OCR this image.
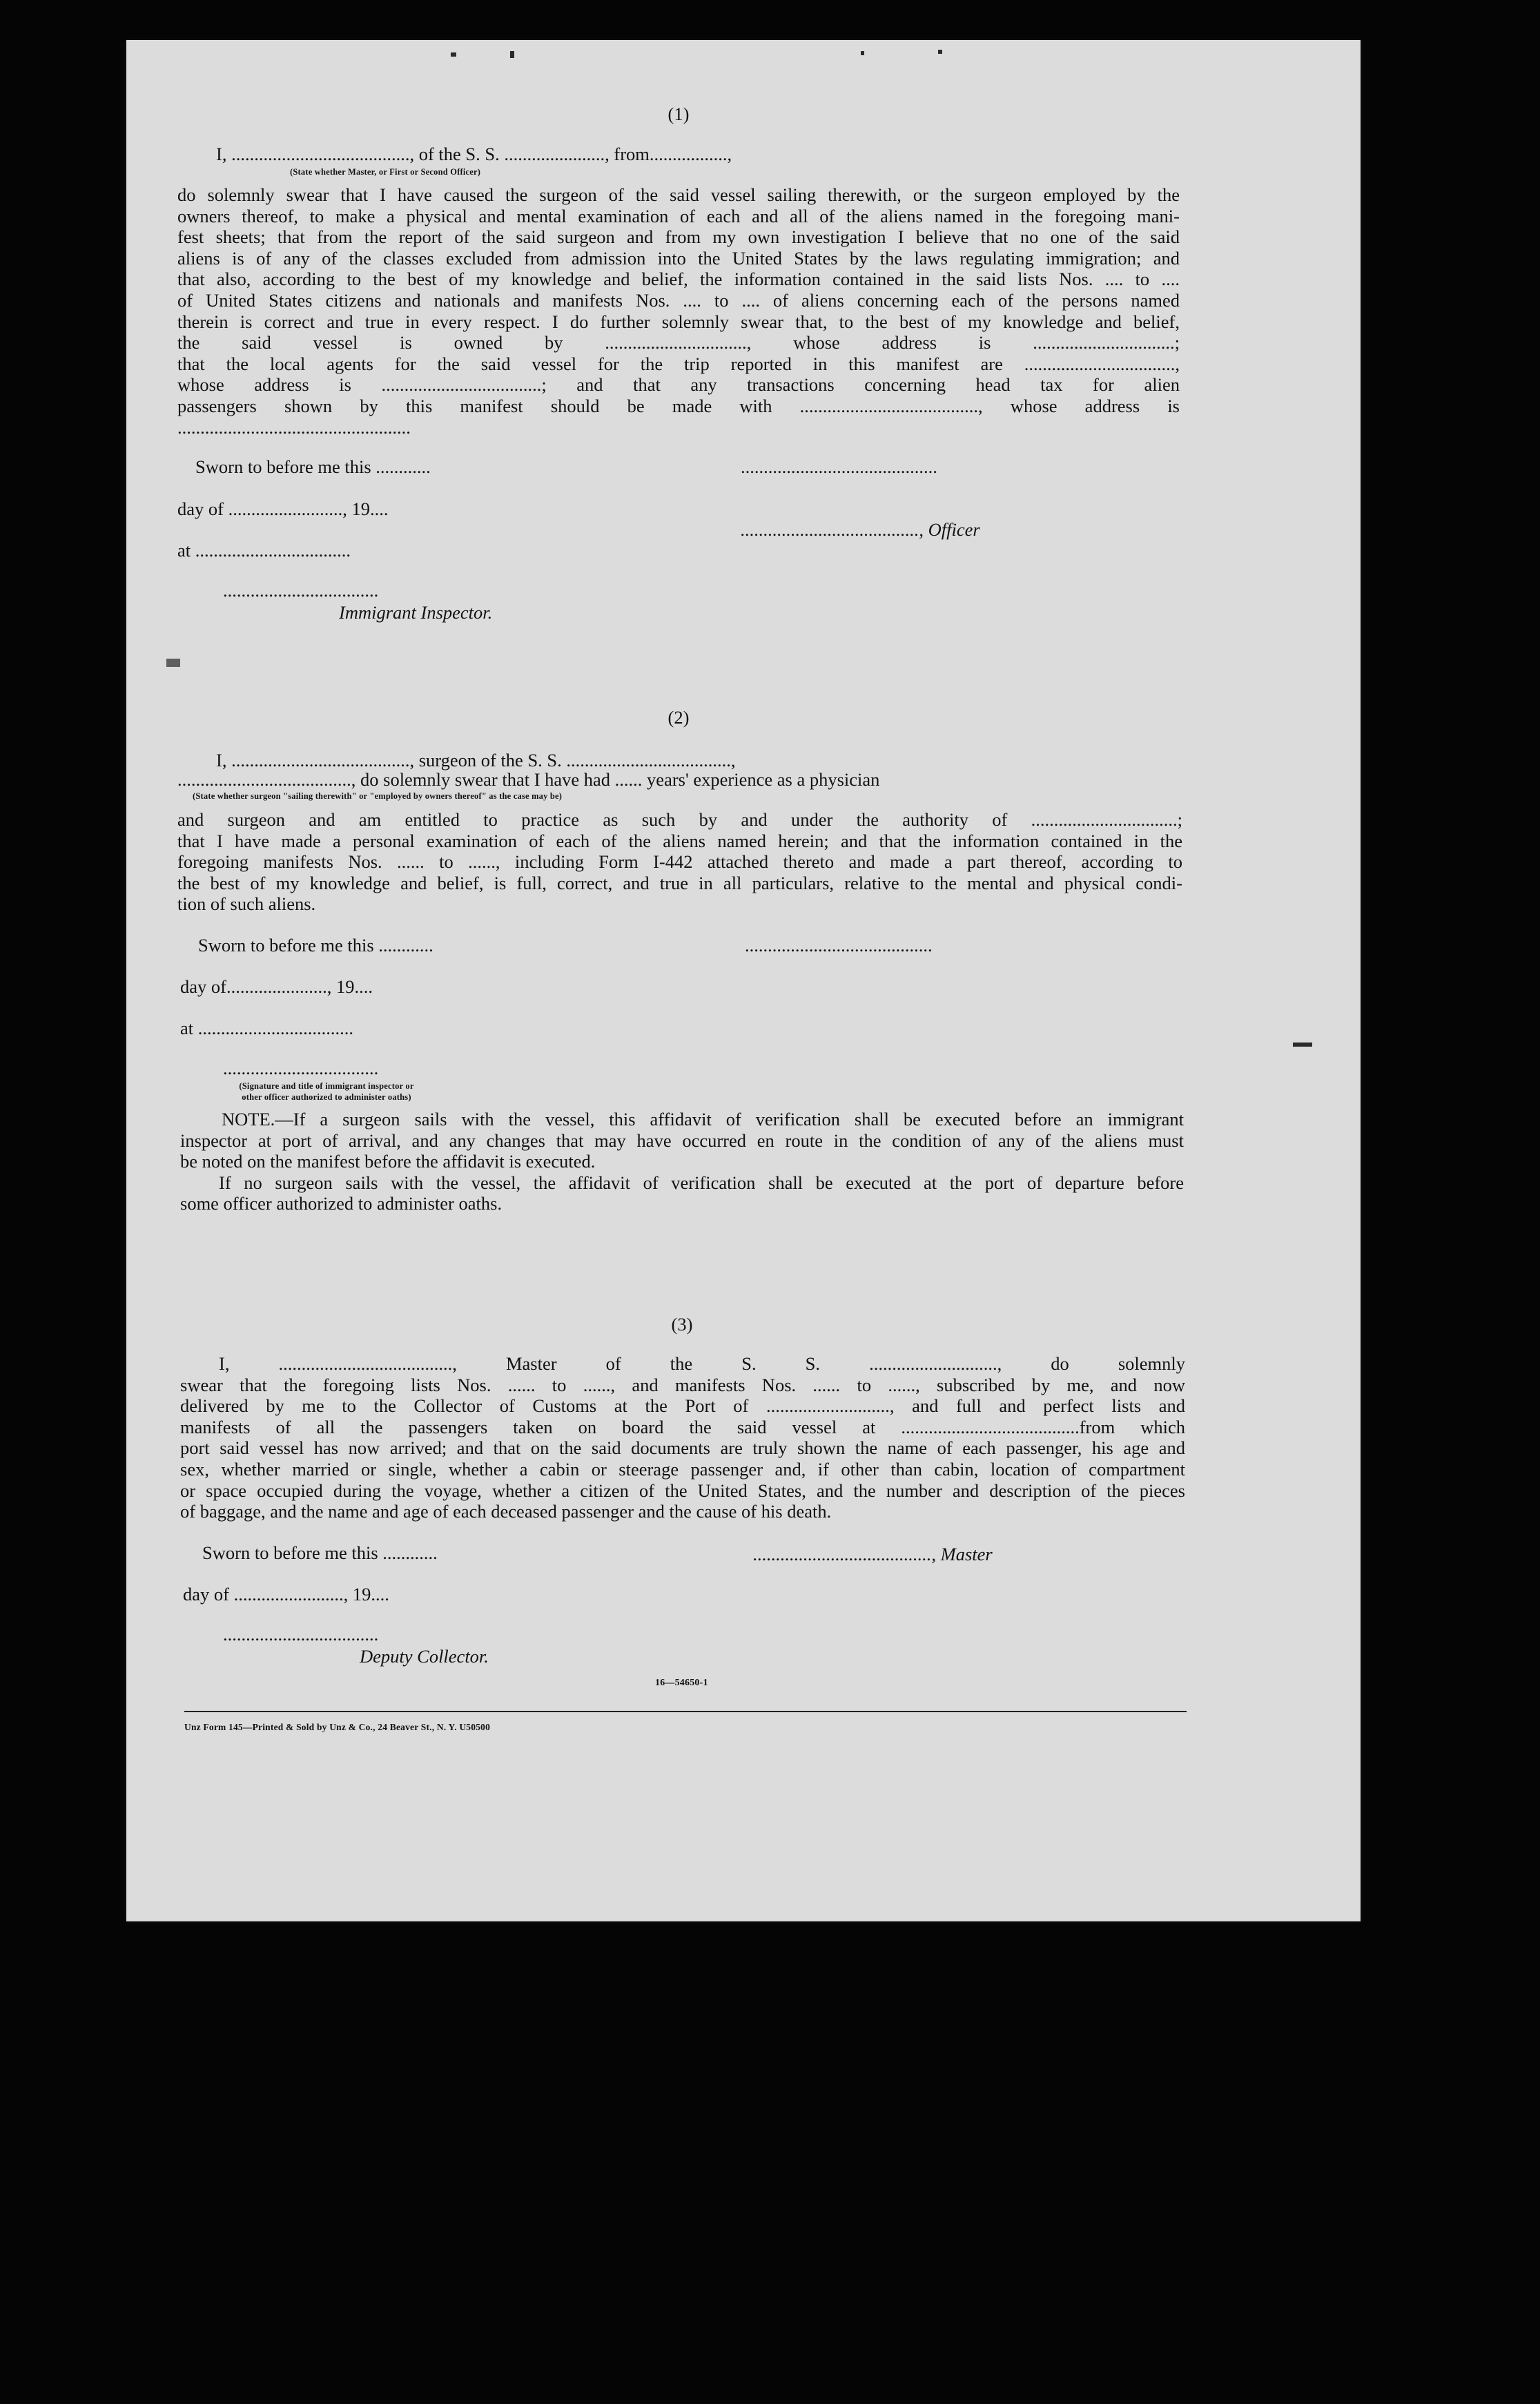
(1)
I, ......................................., of the S. S. ......................, from.................,
(State whether Master, or First or Second Officer)
do solemnly swear that I have caused the surgeon of the said vessel sailing therewith, or the surgeon employed by the
owners thereof, to make a physical and mental examination of each and all of the aliens named in the foregoing mani-
fest sheets; that from the report of the said surgeon and from my own investigation I believe that no one of the said
aliens is of any of the classes excluded from admission into the United States by the laws regulating immigration; and
that also, according to the best of my knowledge and belief, the information contained in the said lists Nos. .... to ....
of United States citizens and nationals and manifests Nos. .... to .... of aliens concerning each of the persons named
therein is correct and true in every respect. I do further solemnly swear that, to the best of my knowledge and belief,
the said vessel is owned by ..............................., whose address is ...............................;
that the local agents for the said vessel for the trip reported in this manifest are .................................,
whose address is ...................................; and that any transactions concerning head tax for alien
passengers shown by this manifest should be made with ......................................., whose address is
...................................................
Sworn to before me this ............	...........................................
day of ........................., 19....
......................................., Officer
at ..................................
..................................
Immigrant Inspector.
(2)
I, ......................................., surgeon of the S. S. ....................................,
......................................, do solemnly swear that I have had ...... years' experience as a physician
(State whether surgeon "sailing therewith" or "employed by owners thereof" as the case may be)
and surgeon and am entitled to practice as such by and under the authority of ................................;
that I have made a personal examination of each of the aliens named herein; and that the information contained in the
foregoing manifests Nos. ...... to ......, including Form I-442 attached thereto and made a part thereof, according to
the best of my knowledge and belief, is full, correct, and true in all particulars, relative to the mental and physical condi-
tion of such aliens.
Sworn to before me this ............	.........................................
day of......................, 19....
at ..................................
..................................
(Signature and title of immigrant inspector or
other officer authorized to administer oaths)
NOTE.—If a surgeon sails with the vessel, this affidavit of verification shall be executed before an immigrant
inspector at port of arrival, and any changes that may have occurred en route in the condition of any of the aliens must
be noted on the manifest before the affidavit is executed.
If no surgeon sails with the vessel, the affidavit of verification shall be executed at the port of departure before
some officer authorized to administer oaths.
(3)
I, ......................................, Master of the S. S. ............................, do solemnly
swear that the foregoing lists Nos. ...... to ......, and manifests Nos. ...... to ......, subscribed by me, and now
delivered by me to the Collector of Customs at the Port of ..........................., and full and perfect lists and
manifests of all the passengers taken on board the said vessel at .......................................from which
port said vessel has now arrived; and that on the said documents are truly shown the name of each passenger, his age and
sex, whether married or single, whether a cabin or steerage passenger and, if other than cabin, location of compartment
or space occupied during the voyage, whether a citizen of the United States, and the number and description of the pieces
of baggage, and the name and age of each deceased passenger and the cause of his death.
Sworn to before me this ............	......................................., Master
day of ........................, 19....
..................................
Deputy Collector.
16—54650-1
Unz Form 145—Printed & Sold by Unz & Co., 24 Beaver St., N. Y. U50500
